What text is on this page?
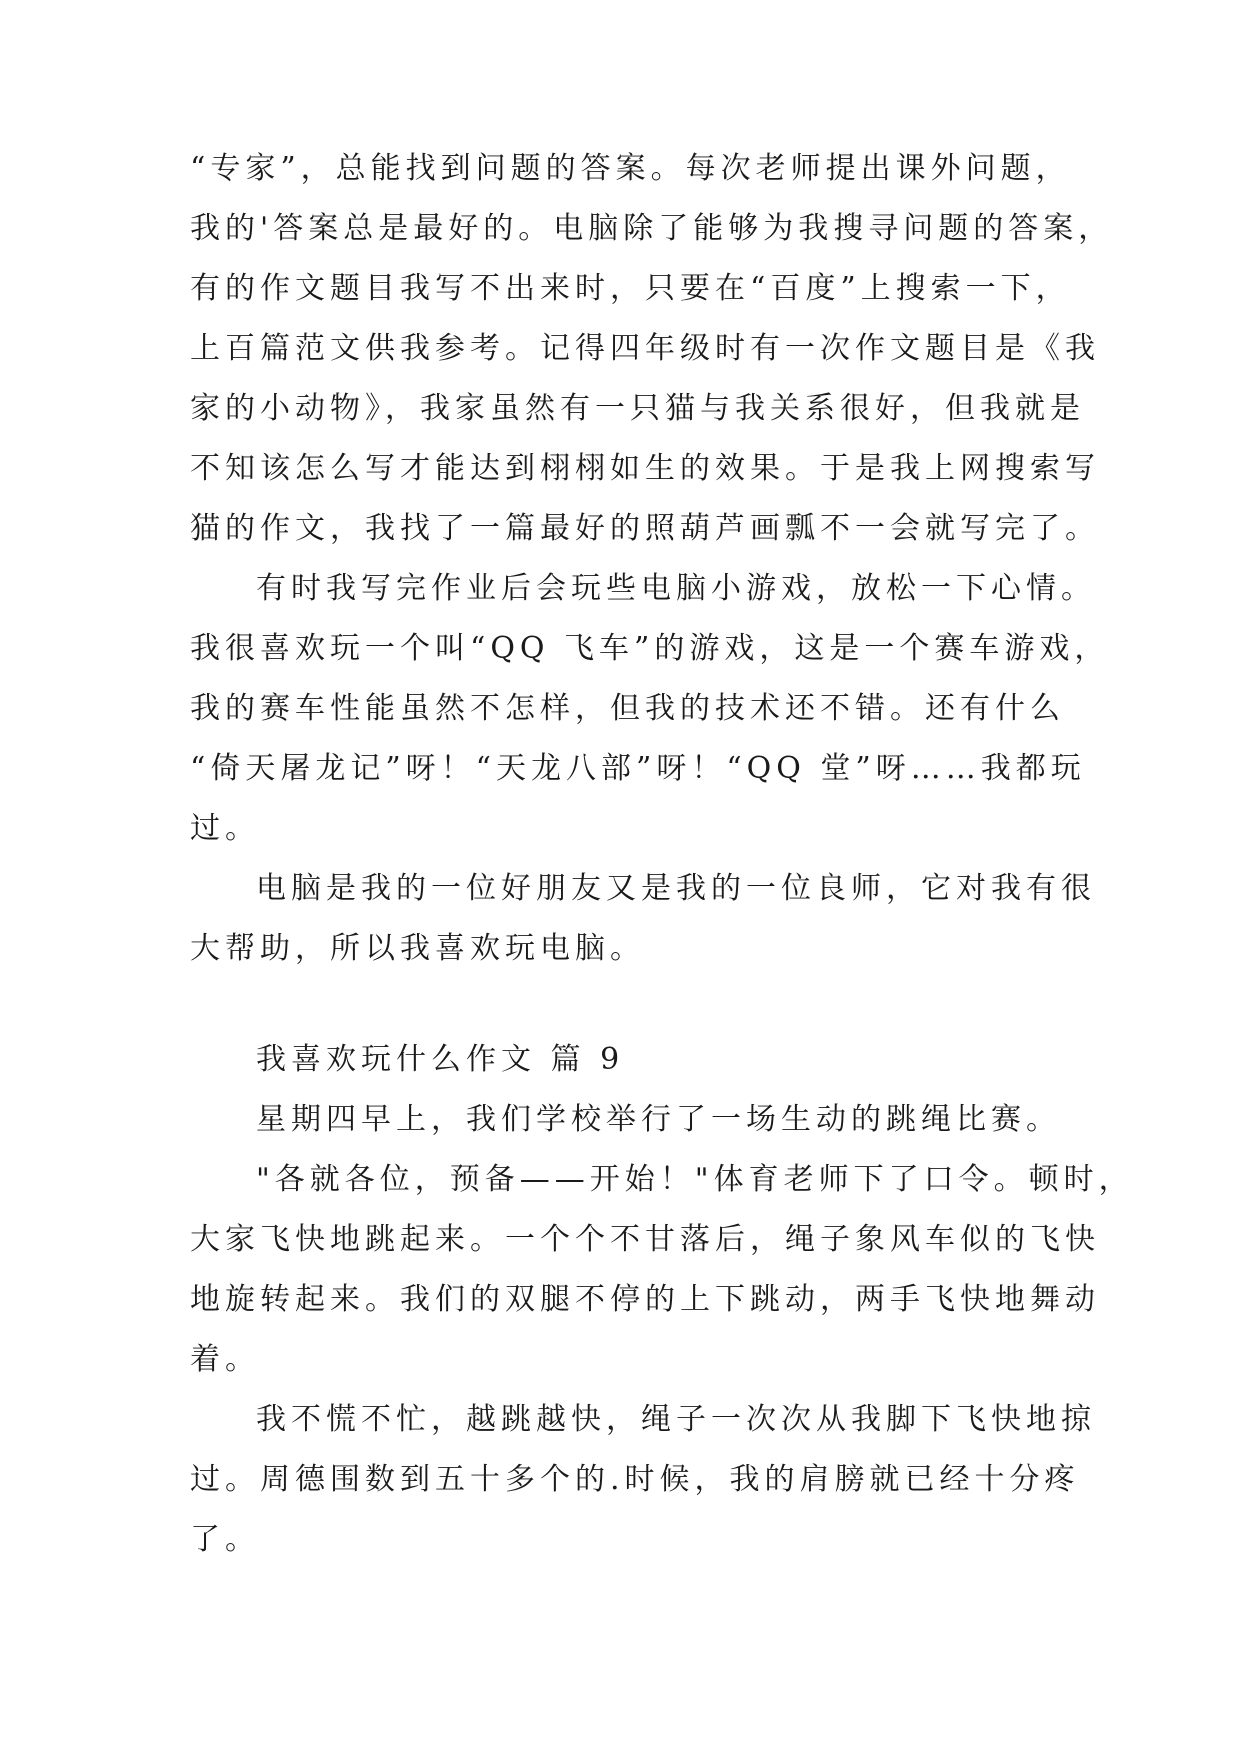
“专家”，总能找到问题的答案。每次老师提出课外问题，
我的'答案总是最好的。电脑除了能够为我搜寻问题的答案，
有的作文题目我写不出来时，只要在“百度”上搜索一下，
上百篇范文供我参考。记得四年级时有一次作文题目是《我
家的小动物》，我家虽然有一只猫与我关系很好，但我就是
不知该怎么写才能达到栩栩如生的效果。于是我上网搜索写
猫的作文，我找了一篇最好的照葫芦画瓢不一会就写完了。
有时我写完作业后会玩些电脑小游戏，放松一下心情。
我很喜欢玩一个叫“QQ 飞车”的游戏，这是一个赛车游戏，
我的赛车性能虽然不怎样，但我的技术还不错。还有什么
“倚天屠龙记”呀！“天龙八部”呀！“QQ 堂”呀……我都玩
过。
电脑是我的一位好朋友又是我的一位良师，它对我有很
大帮助，所以我喜欢玩电脑。
我喜欢玩什么作文 篇 9
星期四早上，我们学校举行了一场生动的跳绳比赛。
"各就各位，预备——开始！"体育老师下了口令。顿时，
大家飞快地跳起来。一个个不甘落后，绳子象风车似的飞快
地旋转起来。我们的双腿不停的上下跳动，两手飞快地舞动
着。
我不慌不忙，越跳越快，绳子一次次从我脚下飞快地掠
过。周德围数到五十多个的.时候，我的肩膀就已经十分疼
了。
